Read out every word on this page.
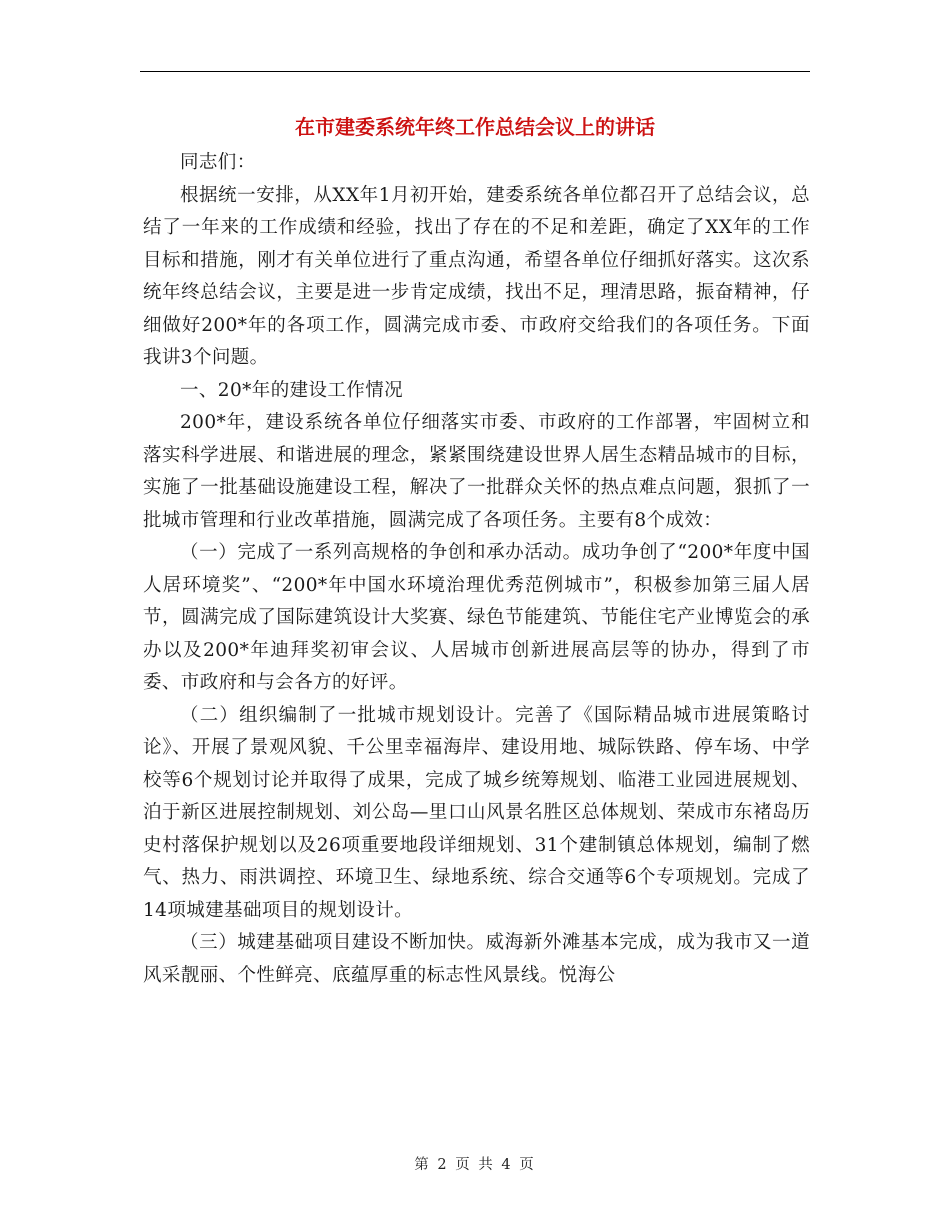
在市建委系统年终工作总结会议上的讲话

同志们：

根据统一安排，从XX年1月初开始，建委系统各单位都召开了总结会议，总结了一年来的工作成绩和经验，找出了存在的不足和差距，确定了XX年的工作目标和措施，刚才有关单位进行了重点沟通，希望各单位仔细抓好落实。这次系统年终总结会议，主要是进一步肯定成绩，找出不足，理清思路，振奋精神，仔细做好200*年的各项工作，圆满完成市委、市政府交给我们的各项任务。下面我讲3个问题。

一、20*年的建设工作情况

200*年，建设系统各单位仔细落实市委、市政府的工作部署，牢固树立和落实科学进展、和谐进展的理念，紧紧围绕建设世界人居生态精品城市的目标，实施了一批基础设施建设工程，解决了一批群众关怀的热点难点问题，狠抓了一批城市管理和行业改革措施，圆满完成了各项任务。主要有8个成效：

（一）完成了一系列高规格的争创和承办活动。成功争创了“200*年度中国人居环境奖”、“200*年中国水环境治理优秀范例城市”，积极参加第三届人居节，圆满完成了国际建筑设计大奖赛、绿色节能建筑、节能住宅产业博览会的承办以及200*年迪拜奖初审会议、人居城市创新进展高层等的协办，得到了市委、市政府和与会各方的好评。

（二）组织编制了一批城市规划设计。完善了《国际精品城市进展策略讨论》、开展了景观风貌、千公里幸福海岸、建设用地、城际铁路、停车场、中学校等6个规划讨论并取得了成果，完成了城乡统筹规划、临港工业园进展规划、泊于新区进展控制规划、刘公岛—里口山风景名胜区总体规划、荣成市东褚岛历史村落保护规划以及26项重要地段详细规划、31个建制镇总体规划，编制了燃气、热力、雨洪调控、环境卫生、绿地系统、综合交通等6个专项规划。完成了14项城建基础项目的规划设计。

（三）城建基础项目建设不断加快。威海新外滩基本完成，成为我市又一道风采靓丽、个性鲜亮、底蕴厚重的标志性风景线。悦海公

第 2 页 共 4 页
